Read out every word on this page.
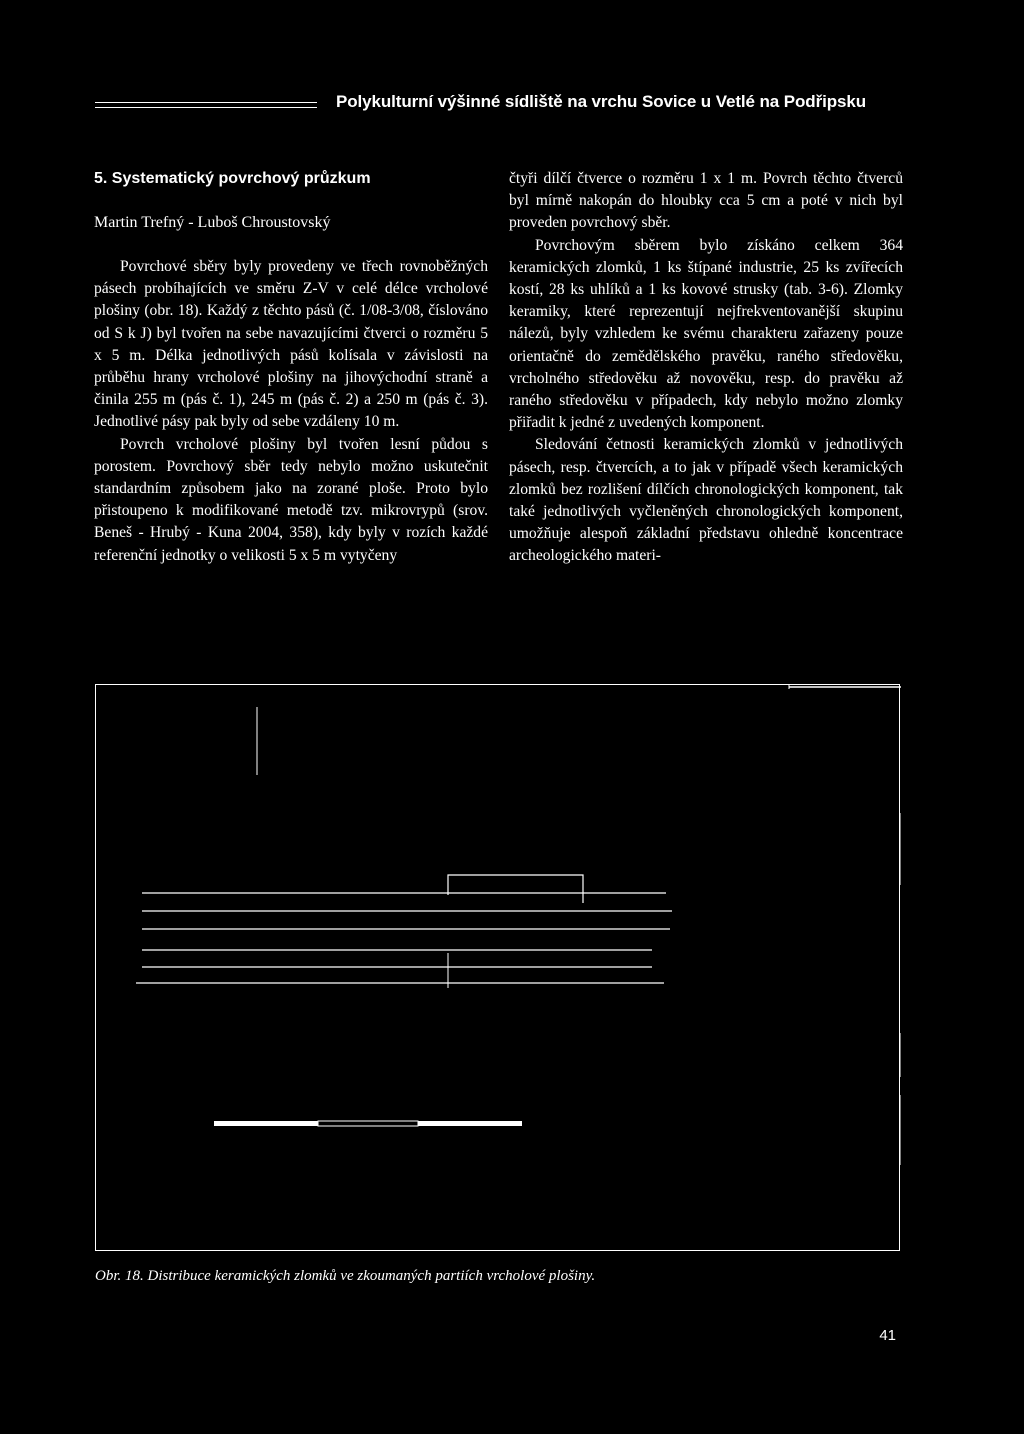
Polykulturní výšinné sídliště na vrchu Sovice u Vetlé na Podřipsku
5. Systematický povrchový průzkum
Martin Trefný - Luboš Chroustovský

Povrchové sběry byly provedeny ve třech rovnoběžných pásech probíhajících ve směru Z-V v celé délce vrcholové plošiny (obr. 18). Každý z těchto pásů (č. 1/08-3/08, číslováno od S k J) byl tvořen na sebe navazujícími čtverci o rozměru 5 x 5 m. Délka jednotlivých pásů kolísala v závislosti na průběhu hrany vrcholové plošiny na jihovýchodní straně a činila 255 m (pás č. 1), 245 m (pás č. 2) a 250 m (pás č. 3). Jednotlivé pásy pak byly od sebe vzdáleny 10 m.

Povrch vrcholové plošiny byl tvořen lesní půdou s porostem. Povrchový sběr tedy nebylo možno uskutečnit standardním způsobem jako na zorané ploše. Proto bylo přistoupeno k modifikované metodě tzv. mikrovrypů (srov. Beneš - Hrubý - Kuna 2004, 358), kdy byly v rozích každé referenční jednotky o velikosti 5 x 5 m vytyčeny

čtyři dílčí čtverce o rozměru 1 x 1 m. Povrch těchto čtverců byl mírně nakopán do hloubky cca 5 cm a poté v nich byl proveden povrchový sběr.

Povrchovým sběrem bylo získáno celkem 364 keramických zlomků, 1 ks štípané industrie, 25 ks zvířecích kostí, 28 ks uhlíků a 1 ks kovové strusky (tab. 3-6). Zlomky keramiky, které reprezentují nejfrekventovanější skupinu nálezů, byly vzhledem ke svému charakteru zařazeny pouze orientačně do zemědělského pravěku, raného středověku, vrcholného středověku až novověku, resp. do pravěku až raného středověku v případech, kdy nebylo možno zlomky přiřadit k jedné z uvedených komponent.

Sledování četnosti keramických zlomků v jednotlivých pásech, resp. čtvercích, a to jak v případě všech keramických zlomků bez rozlišení dílčích chronologických komponent, tak také jednotlivých vyčleněných chronologických komponent, umožňuje alespoň základní představu ohledně koncentrace archeologického materi-

Obr. 18. Distribuce keramických zlomků ve zkoumaných partiích vrcholové plošiny.
41
